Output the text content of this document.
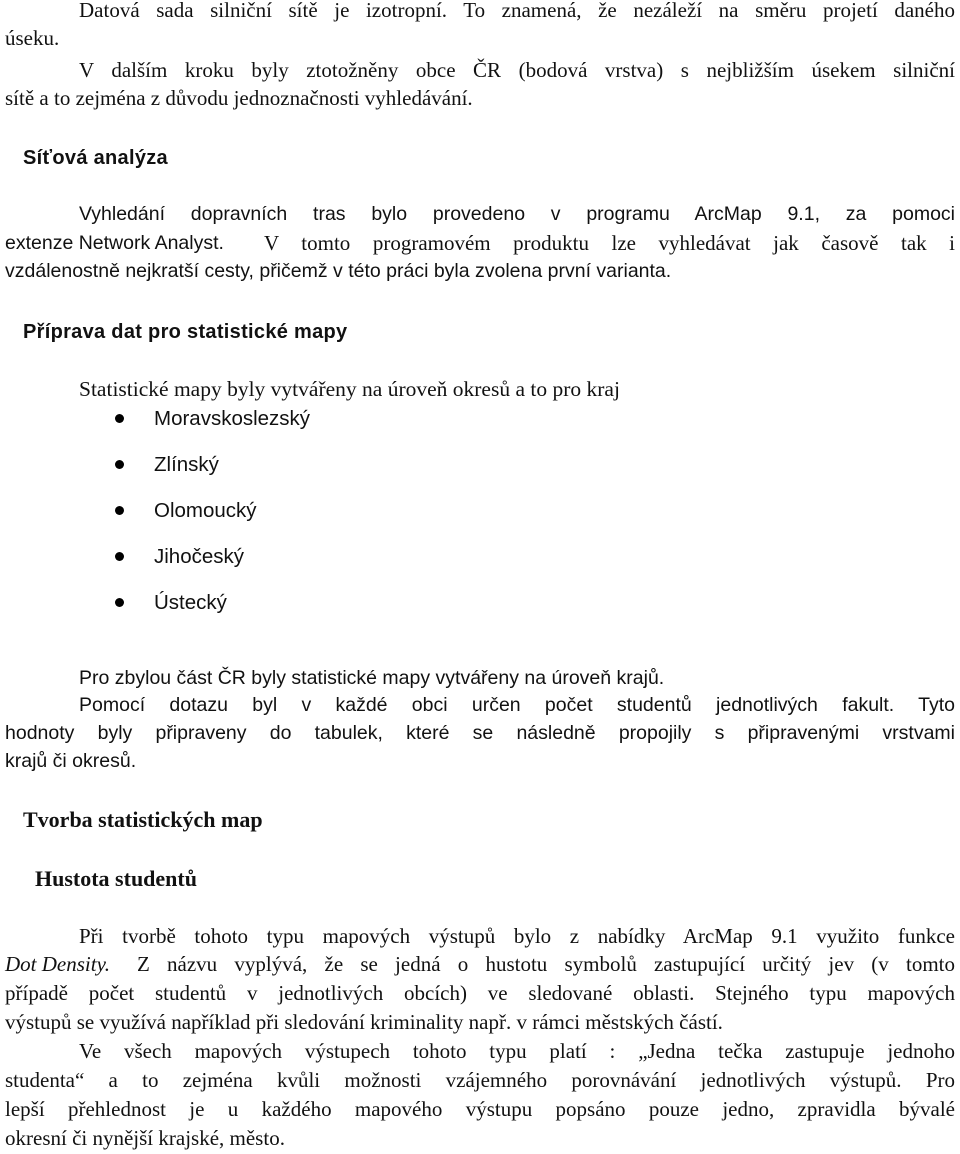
Datová sada silniční sítě je izotropní. To znamená, že nezáleží na směru projetí daného
úseku.
V dalším kroku byly ztotožněny obce ČR (bodová vrstva) s nejbližším úsekem silniční
sítě a to zejména z důvodu jednoznačnosti vyhledávání.
Síťová analýza
Vyhledání dopravních tras bylo provedeno v programu ArcMap 9.1, za pomoci
extenze Network Analyst. V tomto programovém produktu lze vyhledávat jak časově tak i
vzdálenostně nejkratší cesty, přičemž v této práci byla zvolena první varianta.
Příprava dat pro statistické mapy
Statistické mapy byly vytvářeny na úroveň okresů a to pro kraj
Moravskoslezský
Zlínský
Olomoucký
Jihočeský
Ústecký
Pro zbylou část ČR byly statistické mapy vytvářeny na úroveň krajů.
Pomocí dotazu byl v každé obci určen počet studentů jednotlivých fakult. Tyto
hodnoty byly připraveny do tabulek, které se následně propojily s připravenými vrstvami
krajů či okresů.
Tvorba statistických map
Hustota studentů
Při tvorbě tohoto typu mapových výstupů bylo z nabídky ArcMap 9.1 využito funkce
Dot Density. Z názvu vyplývá, že se jedná o hustotu symbolů zastupující určitý jev (v tomto
případě počet studentů v jednotlivých obcích) ve sledované oblasti. Stejného typu mapových
výstupů se využívá například při sledování kriminality např. v rámci městských částí.
Ve všech mapových výstupech tohoto typu platí : „Jedna tečka zastupuje jednoho
studenta“ a to zejména kvůli možnosti vzájemného porovnávání jednotlivých výstupů. Pro
lepší přehlednost je u každého mapového výstupu popsáno pouze jedno, zpravidla bývalé
okresní či nynější krajské, město.
